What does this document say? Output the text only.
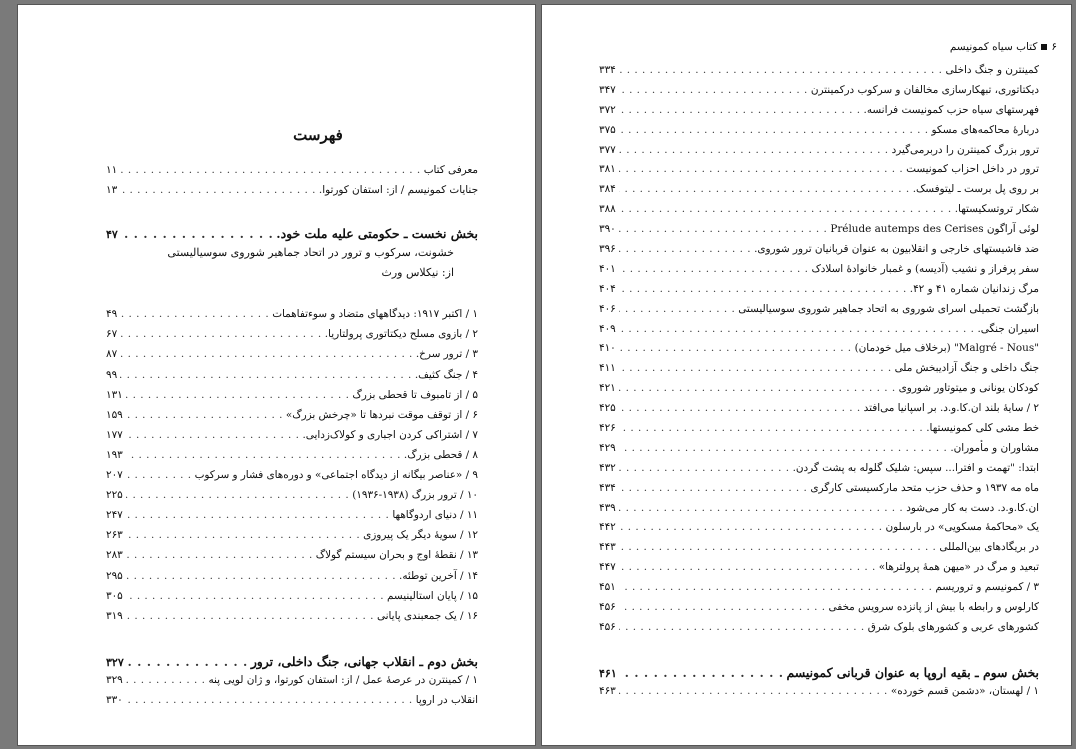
فهرست
معرفی کتاب
. . .
۱۱
جنایات کمونیسم / از: استفان کورتوا.
. . .
۱۳
بخش نخست ـ حکومتی علیه ملت خود.
. . .
۴۷
خشونت، سرکوب و ترور در اتحاد جماهیر شوروی سوسیالیستی
از: نیکلاس ورث
۱ / اکتبر ۱۹۱۷: دیدگاههای متضاد و سوء‌تفاهمات
. . .
۴۹
۲ / بازوی مسلح دیکتاتوری پرولتاریا.
. . .
۶۷
۳ / ترور سرخ.
. . .
۸۷
۴ / جنگ کثیف.
. . .
۹۹
۵ / از تامبوف تا قحطی بزرگ
. . .
۱۳۱
۶ / از توقف موقت نبردها تا «چرخش بزرگ»
. . .
۱۵۹
۷ / اشتراکی کردن اجباری و کولاک‌زدایی.
. . .
۱۷۷
۸ / قحطی بزرگ.
. . .
۱۹۳
۹ / «عناصر بیگانه از دیدگاه اجتماعی» و دوره‌های فشار و سرکوب
. . .
۲۰۷
۱۰ / ترور بزرگ (۱۹۳۸-۱۹۳۶)
. . .
۲۲۵
۱۱ / دنیای اردوگاهها
. . .
۲۴۷
۱۲ / سویۀ دیگر یک پیروزی
. . .
۲۶۳
۱۳ / نقطۀ اوج و بحران سیستم گولاگ
. . .
۲۸۳
۱۴ / آخرین توطئه.
. . .
۲۹۵
۱۵ / پایان استالینیسم
. . .
۳۰۵
۱۶ / یک جمعبندی پایانی
. . .
۳۱۹
بخش دوم ـ انقلاب جهانی، جنگ داخلی، ترور
. . .
۳۲۷
۱ / کمینترن در عرصۀ عمل / از: استفان کورتوا، و ژان لویی پنه
. . .
۳۲۹
انقلاب در اروپا
. . .
۳۳۰
۶کتاب سیاه کمونیسم
کمینترن و جنگ داخلی
. . .
۳۳۴
دیکتاتوری، تبهکارسازی مخالفان و سرکوب درکمینترن
. . .
۳۴۷
فهرستهای سیاه حزب کمونیست فرانسه.
. . .
۳۷۲
دربارۀ محاکمه‌های مسکو
. . .
۳۷۵
ترور بزرگ کمینترن را دربرمی‌گیرد
. . .
۳۷۷
ترور در داخل احزاب کمونیست
. . .
۳۸۱
بر روی پل برست ـ لیتوفسک.
. . .
۳۸۴
شکار تروتسکیستها.
. . .
۳۸۸
لوئی آراگون Prélude autemps des Cerises
. . .
۳۹۰
ضد فاشیستهای خارجی و انقلابیون به عنوان قربانیان ترور شوروی.
. . .
۳۹۶
سفر پرفراز و نشیب (آدیسه) و غمبار خانوادۀ اسلادک
. . .
۴۰۱
مرگ زندانیان شماره ۴۱ و ۴۲.
. . .
۴۰۴
بازگشت تحمیلی اسرای شوروی به اتحاد جماهیر شوروی سوسیالیستی
. . .
۴۰۶
اسیران جنگی.
. . .
۴۰۹
"Malgré - Nous" (برخلاف میل خودمان)
. . .
۴۱۰
جنگ داخلی و جنگ آزادیبخش ملی
. . .
۴۱۱
کودکان یونانی و میتوتاور شوروی
. . .
۴۲۱
۲ / سایۀ بلند ان.کا.و.د. بر اسپانیا می‌افتد
. . .
۴۲۵
خط مشی کلی کمونیستها.
. . .
۴۲۶
مشاوران و مأموران.
. . .
۴۲۹
ابتدا: "تهمت و افترا... سپس: شلیک گلوله به پشت گردن.
. . .
۴۳۲
ماه مه ۱۹۳۷ و حذف حزب متحد مارکسیستی کارگری
. . .
۴۳۴
ان.کا.و.د. دست به کار می‌شود
. . .
۴۳۹
یک «محاکمۀ مسکویی» در بارسلون
. . .
۴۴۲
در بریگادهای بین‌المللی
. . .
۴۴۳
تبعید و مرگ در «میهن همۀ پرولترها»
. . .
۴۴۷
۳ / کمونیسم و تروریسم
. . .
۴۵۱
کارلوس و رابطه با بیش از پانزده سرویس مخفی
. . .
۴۵۶
کشورهای عربی و کشورهای بلوک شرق
. . .
۴۵۶
بخش سوم ـ بقیه اروپا به عنوان قربانی کمونیسم
. . .
۴۶۱
۱ / لهستان، «دشمن قسم خورده»
. . .
۴۶۳
